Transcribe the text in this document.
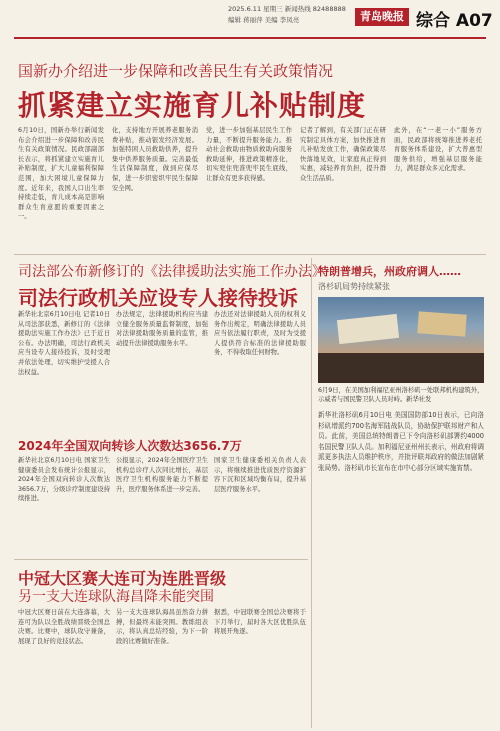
2025.6.11 星期三 新闻热线 82488888
编辑 蒋丽萍 美编 李凤亮	青岛晚报 综合 A07
国新办介绍进一步保障和改善民生有关政策情况
抓紧建立实施育儿补贴制度
6月10日，国新办举行新闻发布会介绍进一步保障和改善民生有关政策情况。民政部副部长表示，将抓紧建立实施育儿补贴制度，扩大儿童福利保障范围，加大困境儿童保障力度。近年来，我国人口出生率持续走低，育儿成本高是影响群众生育意愿的重要因素之一。
化，支持地方开展养老服务消费补贴，推动银发经济发展。加强特困人员救助供养，提升集中供养服务质量。完善最低生活保障制度，做到应保尽保，进一步织密织牢民生保障安全网。
党，进一步加强基层民生工作力量，不断提升服务能力。推动社会救助由物质救助向服务救助延伸，推进政策精准化，切实兜住兜准兜牢民生底线，让群众有更多获得感。
记者了解到，有关部门正在研究制定具体方案，加快推进育儿补贴发放工作，确保政策尽快落地见效，让家庭真正得到实惠，减轻养育负担，提升群众生活品质。
此外，在“一老一小”服务方面，民政部将统筹推进养老托育服务体系建设，扩大普惠型服务供给，增强基层服务能力，满足群众多元化需求。
司法部公布新修订的《法律援助法实施工作办法》
司法行政机关应设专人接待投诉
新华社北京6月10日电 记者10日从司法部获悉，新修订的《法律援助法实施工作办法》已于近日公布。办法明确，司法行政机关应当设专人接待投诉，及时受理并依法处理，切实维护受援人合法权益。
办法规定，法律援助机构应当建立健全服务质量监督制度，加强对法律援助服务质量的监管，推动提升法律援助服务水平。
办法还对法律援助人员的权利义务作出规定，明确法律援助人员应当依法履行职责，及时为受援人提供符合标准的法律援助服务，不得收取任何财物。
特朗普增兵，州政府调人……
洛杉矶局势持续紧张
6月9日，在美国加利福尼亚州洛杉矶一处联邦机构建筑外，示威者与国民警卫队人员对峙。新华社发
新华社洛杉矶6月10日电 美国国防部10日表示，已向洛杉矶增派约700名海军陆战队员，协助保护联邦财产和人员。此前，美国总统特朗普已下令向洛杉矶部署约4000名国民警卫队人员。加利福尼亚州州长表示，州政府将调派更多执法人员维护秩序，并批评联邦政府的做法加剧紧张局势。洛杉矶市长宣布在市中心部分区域实施宵禁。
2024年全国双向转诊人次数达3656.7万
新华社北京6月10日电 国家卫生健康委员会发布统计公报显示，2024年全国双向转诊人次数达3656.7万，分级诊疗制度建设持续推进。
公报显示，2024年全国医疗卫生机构总诊疗人次同比增长，基层医疗卫生机构服务能力不断提升，医疗服务体系进一步完善。
国家卫生健康委相关负责人表示，将继续推进优质医疗资源扩容下沉和区域均衡布局，提升基层医疗服务水平。
中冠大区赛大连可为连胜晋级
另一支大连球队海昌降未能突围
中冠大区赛日前在大连落幕，大连可为队以全胜战绩晋级全国总决赛。比赛中，球队攻守兼备，展现了良好的竞技状态。
另一支大连球队海昌虽然奋力拼搏，但最终未能突围。教练组表示，将认真总结经验，为下一阶段的比赛做好准备。
据悉，中冠联赛全国总决赛将于下月举行，届时各大区优胜队伍将展开角逐。
